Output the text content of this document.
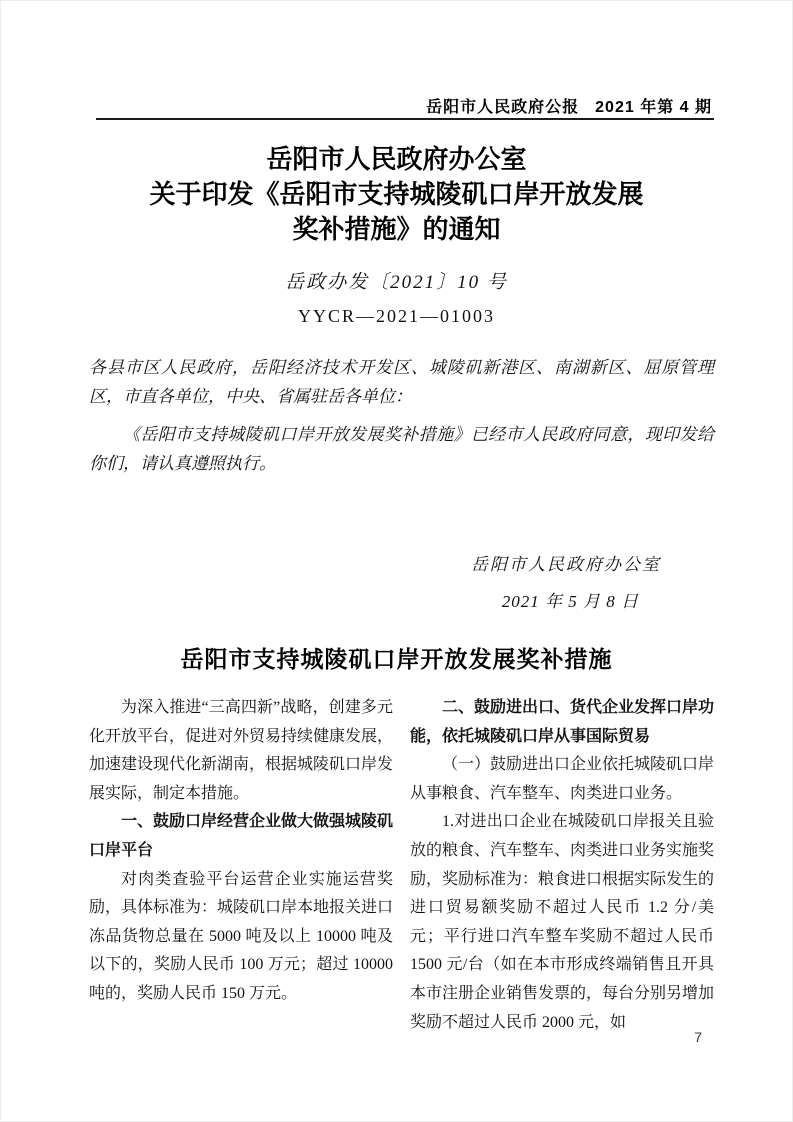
岳阳市人民政府公报 2021 年第 4 期
岳阳市人民政府办公室
关于印发《岳阳市支持城陵矶口岸开放发展
奖补措施》的通知
岳政办发〔2021〕10 号
YYCR—2021—01003

各县市区人民政府，岳阳经济技术开发区、城陵矶新港区、南湖新区、屈原管理区，市直各单位，中央、省属驻岳各单位：

《岳阳市支持城陵矶口岸开放发展奖补措施》已经市人民政府同意，现印发给你们，请认真遵照执行。

岳阳市人民政府办公室
2021 年 5 月 8 日
岳阳市支持城陵矶口岸开放发展奖补措施

为深入推进“三高四新”战略，创建多元化开放平台，促进对外贸易持续健康发展，加速建设现代化新湖南，根据城陵矶口岸发展实际，制定本措施。

一、鼓励口岸经营企业做大做强城陵矶口岸平台

对肉类查验平台运营企业实施运营奖励，具体标准为：城陵矶口岸本地报关进口冻品货物总量在 5000 吨及以上 10000 吨及以下的，奖励人民币 100 万元；超过 10000 吨的，奖励人民币 150 万元。

二、鼓励进出口、货代企业发挥口岸功能，依托城陵矶口岸从事国际贸易

（一）鼓励进出口企业依托城陵矶口岸从事粮食、汽车整车、肉类进口业务。

1.对进出口企业在城陵矶口岸报关且验放的粮食、汽车整车、肉类进口业务实施奖励，奖励标准为：粮食进口根据实际发生的进口贸易额奖励不超过人民币 1.2 分/美元；平行进口汽车整车奖励不超过人民币 1500 元/台（如在本市形成终端销售且开具本市注册企业销售发票的，每台分别另增加奖励不超过人民币 2000 元，如

7
